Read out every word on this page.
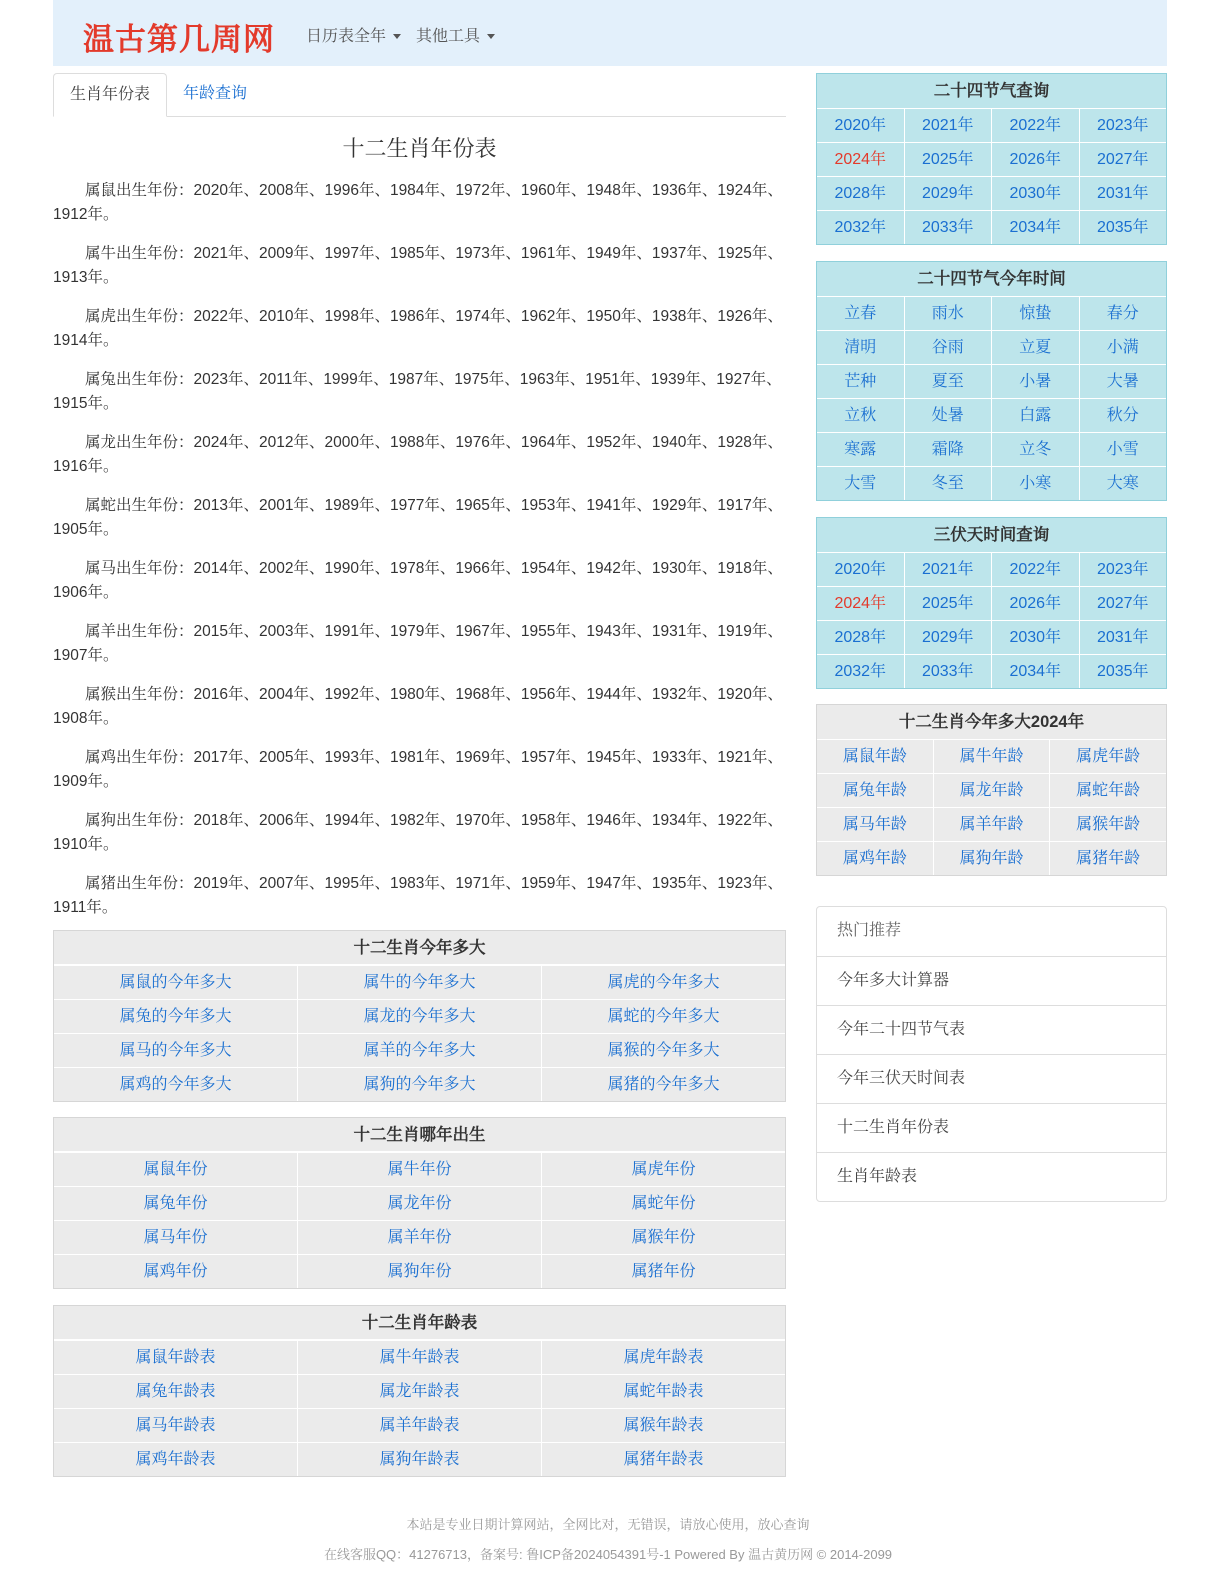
温古第几周网 日历表全年	其他工具
生肖年份表	年龄查询
十二生肖年份表

属鼠出生年份：2020年、2008年、1996年、1984年、1972年、1960年、1948年、1936年、1924年、1912年。

属牛出生年份：2021年、2009年、1997年、1985年、1973年、1961年、1949年、1937年、1925年、1913年。

属虎出生年份：2022年、2010年、1998年、1986年、1974年、1962年、1950年、1938年、1926年、1914年。

属兔出生年份：2023年、2011年、1999年、1987年、1975年、1963年、1951年、1939年、1927年、1915年。

属龙出生年份：2024年、2012年、2000年、1988年、1976年、1964年、1952年、1940年、1928年、1916年。

属蛇出生年份：2013年、2001年、1989年、1977年、1965年、1953年、1941年、1929年、1917年、1905年。

属马出生年份：2014年、2002年、1990年、1978年、1966年、1954年、1942年、1930年、1918年、1906年。

属羊出生年份：2015年、2003年、1991年、1979年、1967年、1955年、1943年、1931年、1919年、1907年。

属猴出生年份：2016年、2004年、1992年、1980年、1968年、1956年、1944年、1932年、1920年、1908年。

属鸡出生年份：2017年、2005年、1993年、1981年、1969年、1957年、1945年、1933年、1921年、1909年。

属狗出生年份：2018年、2006年、1994年、1982年、1970年、1958年、1946年、1934年、1922年、1910年。

属猪出生年份：2019年、2007年、1995年、1983年、1971年、1959年、1947年、1935年、1923年、1911年。

十二生肖今年多大
属鼠的今年多大	属牛的今年多大	属虎的今年多大
属兔的今年多大	属龙的今年多大	属蛇的今年多大
属马的今年多大	属羊的今年多大	属猴的今年多大
属鸡的今年多大	属狗的今年多大	属猪的今年多大
十二生肖哪年出生
属鼠年份	属牛年份	属虎年份
属兔年份	属龙年份	属蛇年份
属马年份	属羊年份	属猴年份
属鸡年份	属狗年份	属猪年份
十二生肖年龄表
属鼠年龄表	属牛年龄表	属虎年龄表
属兔年龄表	属龙年龄表	属蛇年龄表
属马年龄表	属羊年龄表	属猴年龄表
属鸡年龄表	属狗年龄表	属猪年龄表
二十四节气查询
2020年	2021年	2022年	2023年
2024年	2025年	2026年	2027年
2028年	2029年	2030年	2031年
2032年	2033年	2034年	2035年
二十四节气今年时间
立春	雨水	惊蛰	春分
清明	谷雨	立夏	小满
芒种	夏至	小暑	大暑
立秋	处暑	白露	秋分
寒露	霜降	立冬	小雪
大雪	冬至	小寒	大寒
三伏天时间查询
2020年	2021年	2022年	2023年
2024年	2025年	2026年	2027年
2028年	2029年	2030年	2031年
2032年	2033年	2034年	2035年
十二生肖今年多大2024年
属鼠年龄	属牛年龄	属虎年龄
属兔年龄	属龙年龄	属蛇年龄
属马年龄	属羊年龄	属猴年龄
属鸡年龄	属狗年龄	属猪年龄
热门推荐
今年多大计算器
今年二十四节气表
今年三伏天时间表
十二生肖年份表
生肖年龄表
本站是专业日期计算网站，全网比对，无错误，请放心使用，放心查询
在线客服QQ：41276713，备案号: 鲁ICP备2024054391号-1 Powered By 温古黄历网 © 2014-2099
